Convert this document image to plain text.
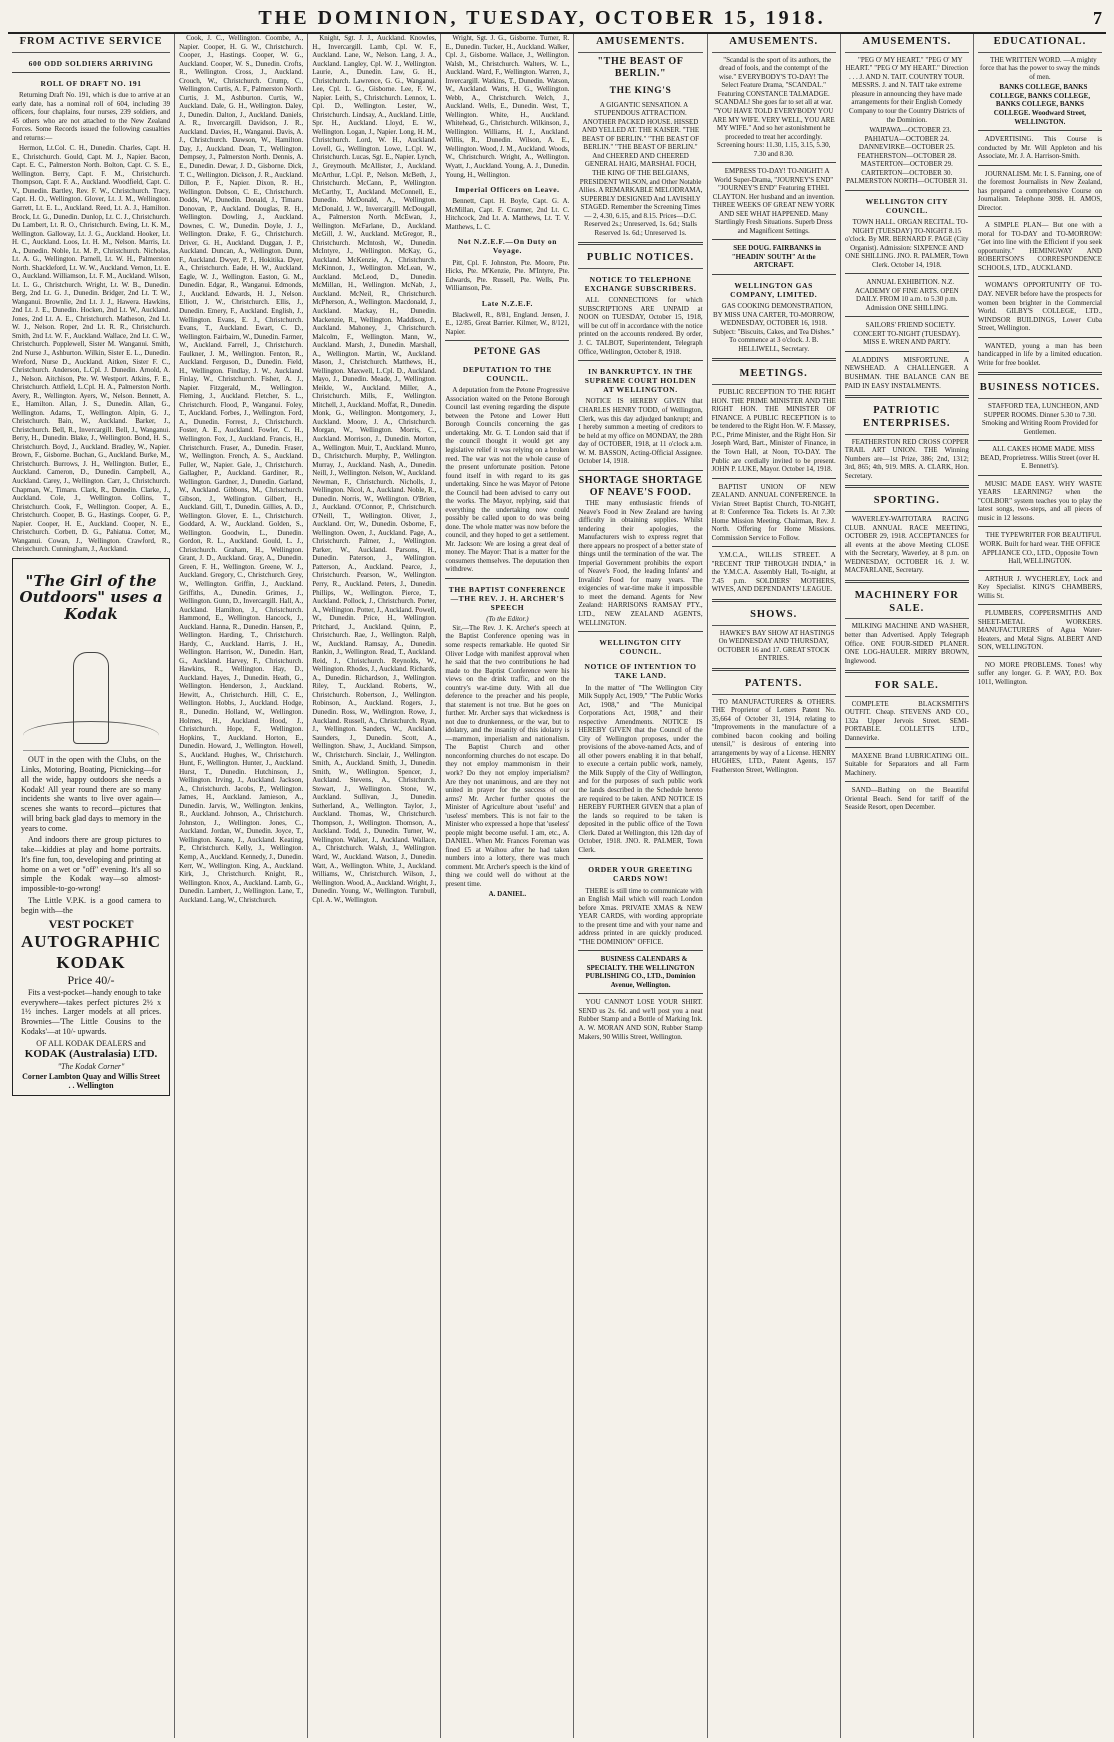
THE DOMINION, TUESDAY, OCTOBER 15, 1918.	7
FROM ACTIVE SERVICE
600 ODD SOLDIERS ARRIVING
ROLL OF DRAFT NO. 191

Returning Draft No. 191, which is due to arrive at an early date, has a nominal roll of 604, including 39 officers, four chaplains, four nurses, 239 soldiers, and 45 others who are not attached to the New Zealand Forces. Some Records issued the following casualties and returns:—

Hermon, Lt.Col. C. H., Dunedin. Charles, Capt. H. E., Christchurch. Gould, Capt. M. J., Napier. Bacon, Capt. E. C., Palmerston North. Bolton, Capt. C. S. E., Wellington. Berry, Capt. F. M., Christchurch. Thompson, Capt. F. A., Auckland. Woodfield, Capt. C. V., Dunedin. Bartley, Rev. F. W., Christchurch. Tracy, Capt. H. O., Wellington. Glover, Lt. J. M., Wellington. Garrett, Lt. E. L., Auckland. Reed, Lt. A. J., Hamilton. Brock, Lt. G., Dunedin. Dunlop, Lt. C. J., Christchurch. Du Lambert, Lt. R. O., Christchurch. Ewing, Lt. K. M., Wellington. Galloway, Lt. J. G., Auckland. Hooker, Lt. H. C., Auckland. Loos, Lt. H. M., Nelson. Marris, Lt. A., Dunedin. Noble, Lt. M. P., Christchurch. Nicholas, Lt. A. G., Wellington. Parnell, Lt. W. H., Palmerston North. Shackleford, Lt. W. W., Auckland. Vernon, Lt. E. O., Auckland. Williamson, Lt. F. M., Auckland. Wilson, Lt. L. G., Christchurch. Wright, Lt. W. B., Dunedin. Berg, 2nd Lt. G. J., Dunedin. Bridger, 2nd Lt. T. W., Wanganui. Brownlie, 2nd Lt. J. J., Hawera. Hawkins, 2nd Lt. J. E., Dunedin. Hocken, 2nd Lt. W., Auckland. Jones, 2nd Lt. A. E., Christchurch. Matheson, 2nd Lt. W. J., Nelson. Roper, 2nd Lt. R. R., Christchurch. Smith, 2nd Lt. W. F., Auckland. Wallace, 2nd Lt. C. W., Christchurch. Popplewell, Sister M. Wanganui. Smith, 2nd Nurse J., Ashburton. Wilkin, Sister E. L., Dunedin. Wreford, Nurse D., Auckland. Aitken, Sister F. C., Christchurch. Anderson, L.Cpl. J. Dunedin. Arnold, A. J., Nelson. Aitchison, Pte. W. Westport. Atkins, F. E., Christchurch. Attfield, L.Cpl. H. A., Palmerston North. Avery, R., Wellington. Ayers, W., Nelson. Bennett, A. E., Hamilton. Allan, J. S., Dunedin. Allan, G., Wellington. Adams, T., Wellington. Alpin, G. J., Christchurch. Bain, W., Auckland. Barker, J., Christchurch. Bell, R., Invercargill. Bell, J., Wanganui. Berry, H., Dunedin. Blake, J., Wellington. Bond, H. S., Christchurch. Boyd, J., Auckland. Bradley, W., Napier. Brown, F., Gisborne. Buchan, G., Auckland. Burke, M., Christchurch. Burrows, J. H., Wellington. Butler, E., Auckland. Cameron, D., Dunedin. Campbell, A., Auckland. Carey, J., Wellington. Carr, J., Christchurch. Chapman, W., Timaru. Clark, R., Dunedin. Clarke, J., Auckland. Cole, J., Wellington. Collins, T., Christchurch. Cook, F., Wellington. Cooper, A. E., Christchurch. Cooper, B. G., Hastings. Cooper, G. P., Napier. Cooper, H. E., Auckland. Cooper, N. E., Christchurch. Corbett, D. G., Pahiatua. Cotter, M., Wanganui. Cowan, J., Wellington. Crawford, R., Christchurch. Cunningham, J., Auckland.

"The Girl of the Outdoors" uses a Kodak

OUT in the open with the Clubs, on the Links, Motoring, Boating, Picnicking—for all the wide, happy outdoors she needs a Kodak! All year round there are so many incidents she wants to live over again—scenes she wants to record—pictures that will bring back glad days to memory in the years to come.

And indoors there are group pictures to take—kiddies at play and home portraits. It's fine fun, too, developing and printing at home on a wet or "off" evening. It's all so simple the Kodak way—so almost-impossible-to-go-wrong!

The Little V.P.K. is a good camera to begin with—the

VEST POCKET
AUTOGRAPHIC KODAK
Price 40/-

Fits a vest-pocket—handy enough to take everywhere—takes perfect pictures 2½ x 1½ inches. Larger models at all prices. Brownies—'The Little Cousins to the Kodaks'—at 10/- upwards.

OF ALL KODAK DEALERS and
KODAK (Australasia) LTD.
"The Kodak Corner"
Corner Lambton Quay and Willis Street . . Wellington

Cook, J. C., Wellington. Coombe, A., Napier. Cooper, H. G. W., Christchurch. Cooper, J., Hastings. Cooper, W. G., Auckland. Cooper, W. S., Dunedin. Crofts, R., Wellington. Cross, J., Auckland. Crouch, W., Christchurch. Crump, C., Wellington. Curtis, A. F., Palmerston North. Curtis, J. M., Ashburton. Curtis, W., Auckland. Dale, G. H., Wellington. Daley, J., Dunedin. Dalton, J., Auckland. Daniels, A. R., Invercargill. Davidson, J. R., Auckland. Davies, H., Wanganui. Davis, A. J., Christchurch. Dawson, W., Hamilton. Day, J., Auckland. Dean, T., Wellington. Dempsey, J., Palmerston North. Dennis, A. E., Dunedin. Dewar, J. D., Gisborne. Dick, T. C., Wellington. Dickson, J. R., Auckland. Dillon, P. F., Napier. Dixon, R. H., Wellington. Dobson, C. E., Christchurch. Dodds, W., Dunedin. Donald, J., Timaru. Donovan, P., Auckland. Douglas, R. H., Wellington. Dowling, J., Auckland. Downes, C. W., Dunedin. Doyle, J. J., Wellington. Drake, F. G., Christchurch. Driver, G. H., Auckland. Duggan, J. P., Auckland. Duncan, A., Wellington. Dunn, F., Auckland. Dwyer, P. J., Hokitika. Dyer, A., Christchurch. Eade, H. W., Auckland. Eagle, W. J., Wellington. Easton, G. M., Dunedin. Edgar, R., Wanganui. Edmonds, J., Auckland. Edwards, H. J., Nelson. Elliott, J. W., Christchurch. Ellis, J., Dunedin. Emery, F., Auckland. English, J., Wellington. Evans, E. J., Christchurch. Evans, T., Auckland. Ewart, C. D., Wellington. Fairbairn, W., Dunedin. Farmer, W., Auckland. Farrell, J., Christchurch. Faulkner, J. M., Wellington. Fenton, R., Auckland. Ferguson, D., Dunedin. Field, H., Wellington. Findlay, J. W., Auckland. Finlay, W., Christchurch. Fisher, A. J., Napier. Fitzgerald, M., Wellington. Fleming, J., Auckland. Fletcher, S. L., Christchurch. Flood, P., Wanganui. Foley, T., Auckland. Forbes, J., Wellington. Ford, A., Dunedin. Forrest, J., Christchurch. Foster, A. E., Auckland. Fowler, C. H., Wellington. Fox, J., Auckland. Francis, H., Christchurch. Fraser, A., Dunedin. Fraser, W., Wellington. French, A. S., Auckland. Fuller, W., Napier. Gale, J., Christchurch. Gallagher, P., Auckland. Gardiner, R., Wellington. Gardner, J., Dunedin. Garland, W., Auckland. Gibbons, M., Christchurch. Gibson, J., Wellington. Gilbert, H., Auckland. Gill, T., Dunedin. Gillies, A. D., Wellington. Glover, E. L., Christchurch. Goddard, A. W., Auckland. Golden, S., Wellington. Goodwin, L., Dunedin. Gordon, R. L., Auckland. Gould, L. J., Christchurch. Graham, H., Wellington. Grant, J. D., Auckland. Gray, A., Dunedin. Green, F. H., Wellington. Greene, W. J., Auckland. Gregory, C., Christchurch. Grey, W., Wellington. Griffin, J., Auckland. Griffiths, A., Dunedin. Grimes, J., Wellington. Gunn, D., Invercargill. Hall, A., Auckland. Hamilton, J., Christchurch. Hammond, E., Wellington. Hancock, J., Auckland. Hanna, R., Dunedin. Hansen, P., Wellington. Harding, T., Christchurch. Hardy, C., Auckland. Harris, J. H., Wellington. Harrison, W., Dunedin. Hart, G., Auckland. Harvey, F., Christchurch. Hawkins, R., Wellington. Hay, D., Auckland. Hayes, J., Dunedin. Heath, G., Wellington. Henderson, J., Auckland. Hewitt, A., Christchurch. Hill, C. E., Wellington. Hobbs, J., Auckland. Hodge, R., Dunedin. Holland, W., Wellington. Holmes, H., Auckland. Hood, J., Christchurch. Hope, F., Wellington. Hopkins, T., Auckland. Horton, E., Dunedin. Howard, J., Wellington. Howell, S., Auckland. Hughes, W., Christchurch. Hunt, F., Wellington. Hunter, J., Auckland. Hurst, T., Dunedin. Hutchinson, J., Wellington. Irving, J., Auckland. Jackson, A., Christchurch. Jacobs, P., Wellington. James, H., Auckland. Jamieson, A., Dunedin. Jarvis, W., Wellington. Jenkins, R., Auckland. Johnson, A., Christchurch. Johnston, J., Wellington. Jones, C., Auckland. Jordan, W., Dunedin. Joyce, T., Wellington. Keane, J., Auckland. Keating, P., Christchurch. Kelly, J., Wellington. Kemp, A., Auckland. Kennedy, J., Dunedin. Kerr, W., Wellington. King, A., Auckland. Kirk, J., Christchurch. Knight, R., Wellington. Knox, A., Auckland. Lamb, G., Dunedin. Lambert, J., Wellington. Lane, T., Auckland. Lang, W., Christchurch.

Knight, Sgt. J. J., Auckland. Knowles, H., Invercargill. Lamb, Cpl. W. F., Auckland. Lane, W., Nelson. Lang, J. A., Auckland. Langley, Cpl. W. J., Wellington. Laurie, A., Dunedin. Law, G. H., Christchurch. Lawrence, G. G., Wanganui. Lee, Cpl. L. G., Gisborne. Lee, F. W., Napier. Leith, S., Christchurch. Lennox, L. Cpl. D., Wellington. Lester, W., Christchurch. Lindsay, A., Auckland. Little, Spr. H., Auckland. Lloyd, E. W., Wellington. Logan, J., Napier. Long, H. M., Christchurch. Lord, W. H., Auckland. Lovell, G., Wellington. Lowe, L.Cpl. W., Christchurch. Lucas, Sgt. E., Napier. Lynch, J., Greymouth. McAllister, J., Auckland. McArthur, L.Cpl. P., Nelson. McBeth, J., Christchurch. McCann, P., Wellington. McCarthy, T., Auckland. McConnell, E., Dunedin. McDonald, A., Wellington. McDonald, J. W., Invercargill. McDougall, A., Palmerston North. McEwan, J., Wellington. McFarlane, D., Auckland. McGill, J. W., Auckland. McGregor, R., Christchurch. McIntosh, W., Dunedin. McIntyre, J., Wellington. McKay, G., Auckland. McKenzie, A., Christchurch. McKinnon, J., Wellington. McLean, W., Auckland. McLeod, D., Dunedin. McMillan, H., Wellington. McNab, J., Auckland. McNeil, R., Christchurch. McPherson, A., Wellington. Macdonald, J., Auckland. Mackay, H., Dunedin. Mackenzie, R., Wellington. Maddison, J., Auckland. Mahoney, J., Christchurch. Malcolm, F., Wellington. Mann, W., Auckland. Marsh, J., Dunedin. Marshall, A., Wellington. Martin, W., Auckland. Mason, J., Christchurch. Matthews, H., Wellington. Maxwell, L.Cpl. D., Auckland. Mayo, J., Dunedin. Meade, J., Wellington. Meikle, W., Auckland. Miller, A., Christchurch. Mills, F., Wellington. Mitchell, J., Auckland. Moffat, R., Dunedin. Monk, G., Wellington. Montgomery, J., Auckland. Moore, J. A., Christchurch. Morgan, W., Wellington. Morris, C., Auckland. Morrison, J., Dunedin. Morton, A., Wellington. Muir, T., Auckland. Munro, D., Christchurch. Murphy, P., Wellington. Murray, J., Auckland. Nash, A., Dunedin. Neill, J., Wellington. Nelson, W., Auckland. Newman, F., Christchurch. Nicholls, J., Wellington. Nicol, A., Auckland. Noble, R., Dunedin. Norris, W., Wellington. O'Brien, J., Auckland. O'Connor, P., Christchurch. O'Neill, T., Wellington. Oliver, J., Auckland. Orr, W., Dunedin. Osborne, F., Wellington. Owen, J., Auckland. Page, A., Christchurch. Palmer, J., Wellington. Parker, W., Auckland. Parsons, H., Dunedin. Paterson, J., Wellington. Patterson, A., Auckland. Pearce, J., Christchurch. Pearson, W., Wellington. Perry, R., Auckland. Peters, J., Dunedin. Phillips, W., Wellington. Pierce, T., Auckland. Pollock, J., Christchurch. Porter, A., Wellington. Potter, J., Auckland. Powell, W., Dunedin. Price, H., Wellington. Pritchard, J., Auckland. Quinn, P., Christchurch. Rae, J., Wellington. Ralph, W., Auckland. Ramsay, A., Dunedin. Rankin, J., Wellington. Read, T., Auckland. Reid, J., Christchurch. Reynolds, W., Wellington. Rhodes, J., Auckland. Richards, A., Dunedin. Richardson, J., Wellington. Riley, T., Auckland. Roberts, W., Christchurch. Robertson, J., Wellington. Robinson, A., Auckland. Rogers, J., Dunedin. Ross, W., Wellington. Rowe, J., Auckland. Russell, A., Christchurch. Ryan, J., Wellington. Sanders, W., Auckland. Saunders, J., Dunedin. Scott, A., Wellington. Shaw, J., Auckland. Simpson, W., Christchurch. Sinclair, J., Wellington. Smith, A., Auckland. Smith, J., Dunedin. Smith, W., Wellington. Spencer, J., Auckland. Stevens, A., Christchurch. Stewart, J., Wellington. Stone, W., Auckland. Sullivan, J., Dunedin. Sutherland, A., Wellington. Taylor, J., Auckland. Thomas, W., Christchurch. Thompson, J., Wellington. Thomson, A., Auckland. Todd, J., Dunedin. Turner, W., Wellington. Walker, J., Auckland. Wallace, A., Christchurch. Walsh, J., Wellington. Ward, W., Auckland. Watson, J., Dunedin. Watt, A., Wellington. White, J., Auckland. Williams, W., Christchurch. Wilson, J., Wellington. Wood, A., Auckland. Wright, J., Dunedin. Young, W., Wellington. Turnbull, Cpl. A. W., Wellington.

Wright, Sgt. J. G., Gisborne. Turner, R. E., Dunedin. Tucker, H., Auckland. Walker, Cpl. J., Gisborne. Wallace, J., Wellington. Walsh, M., Christchurch. Walters, W. L., Auckland. Ward, F., Wellington. Warren, J., Invercargill. Watkins, T., Dunedin. Watson, W., Auckland. Watts, H. G., Wellington. Webb, A., Christchurch. Welch, J., Auckland. Wells, E., Dunedin. West, T., Wellington. White, H., Auckland. Whitehead, G., Christchurch. Wilkinson, J., Wellington. Williams, H. J., Auckland. Willis, R., Dunedin. Wilson, A. E., Wellington. Wood, J. M., Auckland. Woods, W., Christchurch. Wright, A., Wellington. Wyatt, J., Auckland. Young, A. J., Dunedin. Young, H., Wellington.

Imperial Officers on Leave.

Bennett, Capt. H. Boyle, Capt. G. A. McMillan, Capt. F. Cranmer, 2nd Lt. C. Hitchcock, 2nd Lt. A. Matthews, Lt. T. V. Matthews, L. C.

Not N.Z.E.F.—On Duty on Voyage.

Pitt, Cpl. F. Johnston, Pte. Moore, Pte. Hicks, Pte. M'Kenzie, Pte. M'Intyre, Pte. Edwards, Pte. Russell, Pte. Wells, Pte. Williamson, Pte.

Late N.Z.E.F.

Blackwell, R., 8/81, England. Jensen, J. E., 12/85, Great Barrier. Kilmer, W., 8/121, Napier.

PETONE GAS
DEPUTATION TO THE COUNCIL.

A deputation from the Petone Progressive Association waited on the Petone Borough Council last evening regarding the dispute between the Petone and Lower Hutt Borough Councils concerning the gas undertaking. Mr. G. T. London said that if the council thought it would get any legislative relief it was relying on a broken reed. The war was not the whole cause of the present unfortunate position. Petone found itself in with regard to its gas undertaking. Since he was Mayor of Petone the Council had been advised to carry out the works. The Mayor, replying, said that everything the undertaking now could possibly be called upon to do was being done. The whole matter was now before the council, and they hoped to get a settlement. Mr. Jackson: We are losing a great deal of money. The Mayor: That is a matter for the consumers themselves. The deputation then withdrew.

THE BAPTIST CONFERENCE—THE REV. J. H. ARCHER'S SPEECH
(To the Editor.)

Sir,—The Rev. J. K. Archer's speech at the Baptist Conference opening was in some respects remarkable. He quoted Sir Oliver Lodge with manifest approval when he said that the two contributions he had made to the Baptist Conference were his views on the drink traffic, and on the country's war-time duty. With all due deference to the preacher and his people, that statement is not true. But he goes on further. Mr. Archer says that wickedness is not due to drunkenness, or the war, but to idolatry, and the insanity of this idolatry is—mammon, imperialism and nationalism. The Baptist Church and other nonconforming churches do not escape. Do they not employ mammonism in their work? Do they not employ imperialism? Are they not unanimous, and are they not united in prayer for the success of our arms? Mr. Archer further quotes the Minister of Agriculture about 'useful' and 'useless' members. This is not fair to the Minister who expressed a hope that 'useless' people might become useful. I am, etc., A. DANIEL. When Mr. Frances Foreman was fined £5 at Waihou after he had taken numbers into a lottery, there was much comment. Mr. Archer's speech is the kind of thing we could well do without at the present time.

A. DANIEL.
AMUSEMENTS.
"THE BEAST OF BERLIN."
THE KING'S

A GIGANTIC SENSATION. A STUPENDOUS ATTRACTION. ANOTHER PACKED HOUSE. HISSED AND YELLED AT. THE KAISER. "THE BEAST OF BERLIN." "THE BEAST OF BERLIN." "THE BEAST OF BERLIN." And CHEERED AND CHEERED GENERAL HAIG, MARSHAL FOCH, THE KING OF THE BELGIANS, PRESIDENT WILSON, and Other Notable Allies. A REMARKABLE MELODRAMA, SUPERBLY DESIGNED And LAVISHLY STAGED. Remember the Screening Times— 2, 4.30, 6.15, and 8.15. Prices—D.C. Reserved 2s.; Unreserved, 1s. 6d.; Stalls Reserved 1s. 6d.; Unreserved 1s.

PUBLIC NOTICES.
NOTICE TO TELEPHONE EXCHANGE SUBSCRIBERS.

ALL CONNECTIONS for which SUBSCRIPTIONS ARE UNPAID at NOON on TUESDAY, October 15, 1918, will be cut off in accordance with the notice printed on the accounts rendered. By order, J. C. TALBOT, Superintendent, Telegraph Office, Wellington, October 8, 1918.

IN BANKRUPTCY. IN THE SUPREME COURT HOLDEN AT WELLINGTON.

NOTICE IS HEREBY GIVEN that CHARLES HENRY TODD, of Wellington, Clerk, was this day adjudged bankrupt; and I hereby summon a meeting of creditors to be held at my office on MONDAY, the 28th day of OCTOBER, 1918, at 11 o'clock a.m. W. M. BASSON, Acting-Official Assignee. October 14, 1918.

SHORTAGE SHORTAGE OF NEAVE'S FOOD.

THE many enthusiastic friends of Neave's Food in New Zealand are having difficulty in obtaining supplies. Whilst tendering their apologies, the Manufacturers wish to express regret that there appears no prospect of a better state of things until the termination of the war. The Imperial Government prohibits the export of Neave's Food, the leading Infants' and Invalids' Food for many years. The exigencies of war-time make it impossible to meet the demand. Agents for New Zealand: HARRISONS RAMSAY PTY., LTD., NEW ZEALAND AGENTS, WELLINGTON.

WELLINGTON CITY COUNCIL.
NOTICE OF INTENTION TO TAKE LAND.

In the matter of "The Wellington City Milk Supply Act, 1909," "The Public Works Act, 1908," and "The Municipal Corporations Act, 1908," and their respective Amendments. NOTICE IS HEREBY GIVEN that the Council of the City of Wellington proposes, under the provisions of the above-named Acts, and of all other powers enabling it in that behalf, to execute a certain public work, namely, the Milk Supply of the City of Wellington, and for the purposes of such public work the lands described in the Schedule hereto are required to be taken. AND NOTICE IS HEREBY FURTHER GIVEN that a plan of the lands so required to be taken is deposited in the public office of the Town Clerk. Dated at Wellington, this 12th day of October, 1918. JNO. R. PALMER, Town Clerk.

ORDER YOUR GREETING CARDS NOW!

THERE is still time to communicate with an English Mail which will reach London before Xmas. PRIVATE XMAS & NEW YEAR CARDS, with wording appropriate to the present time and with your name and address printed in are quickly produced. "THE DOMINION" OFFICE.

BUSINESS CALENDARS & SPECIALTY. THE WELLINGTON PUBLISHING CO., LTD., Dominion Avenue, Wellington.

YOU CANNOT LOSE YOUR SHIRT. SEND us 2s. 6d. and we'll post you a neat Rubber Stamp and a Bottle of Marking Ink. A. W. MORAN AND SON, Rubber Stamp Makers, 90 Willis Street, Wellington.

AMUSEMENTS.

"Scandal is the sport of its authors, the dread of fools, and the contempt of the wise." EVERYBODY'S TO-DAY! The Select Feature Drama, "SCANDAL." Featuring CONSTANCE TALMADGE. SCANDAL! She goes far to set all at war. "YOU HAVE TOLD EVERYBODY YOU ARE MY WIFE. VERY WELL, YOU ARE MY WIFE." And so her astonishment he proceeded to treat her accordingly. Screening hours: 11.30, 1.15, 3.15, 5.30, 7.30 and 8.30.

EMPRESS TO-DAY! TO-NIGHT! A World Super-Drama, "JOURNEY'S END" "JOURNEY'S END" Featuring ETHEL CLAYTON. Her husband and an invention. THREE WEEKS OF GREAT NEW YORK AND SEE WHAT HAPPENED. Many Startlingly Fresh Situations. Superb Dress and Magnificent Settings.

SEE DOUG. FAIRBANKS in "HEADIN' SOUTH" At the ARTCRAFT.

WELLINGTON GAS COMPANY, LIMITED.

GAS COOKING DEMONSTRATION, BY MISS UNA CARTER, TO-MORROW, WEDNESDAY, OCTOBER 16, 1918. Subject: "Biscuits, Cakes, and Tea Dishes." To commence at 3 o'clock. J. B. HELLIWELL, Secretary.

MEETINGS.

PUBLIC RECEPTION TO THE RIGHT HON. THE PRIME MINISTER AND THE RIGHT HON. THE MINISTER OF FINANCE. A PUBLIC RECEPTION is to be tendered to the Right Hon. W. F. Massey, P.C., Prime Minister, and the Right Hon. Sir Joseph Ward, Bart., Minister of Finance, in the Town Hall, at Noon, TO-DAY. The Public are cordially invited to be present. JOHN P. LUKE, Mayor. October 14, 1918.

BAPTIST UNION OF NEW ZEALAND. ANNUAL CONFERENCE. In Vivian Street Baptist Church, TO-NIGHT, at 8: Conference Tea. Tickets 1s. At 7.30: Home Mission Meeting. Chairman, Rev. J. North. Offering for Home Missions. Commission Service to Follow.

Y.M.C.A., WILLIS STREET. A "RECENT TRIP THROUGH INDIA," in the Y.M.C.A. Assembly Hall, To-night, at 7.45 p.m. SOLDIERS' MOTHERS, WIVES, AND DEPENDANTS' LEAGUE.

SHOWS.

HAWKE'S BAY SHOW AT HASTINGS On WEDNESDAY AND THURSDAY, OCTOBER 16 and 17. GREAT STOCK ENTRIES.

PATENTS.

TO MANUFACTURERS & OTHERS. THE Proprietor of Letters Patent No. 35,664 of October 31, 1914, relating to "Improvements in the manufacture of a combined bacon cooking and boiling utensil," is desirous of entering into arrangements by way of a License. HENRY HUGHES, LTD., Patent Agents, 157 Featherston Street, Wellington.

AMUSEMENTS.

"PEG O' MY HEART." "PEG O' MY HEART." "PEG O' MY HEART." Direction . . . J. AND N. TAIT. COUNTRY TOUR. MESSRS. J. and N. TAIT take extreme pleasure in announcing they have made arrangements for their English Comedy Company to tour the Country Districts of the Dominion.

WAIPAWA—OCTOBER 23. PAHIATUA—OCTOBER 24. DANNEVIRKE—OCTOBER 25. FEATHERSTON—OCTOBER 28. MASTERTON—OCTOBER 29. CARTERTON—OCTOBER 30. PALMERSTON NORTH—OCTOBER 31.

WELLINGTON CITY COUNCIL.

TOWN HALL. ORGAN RECITAL. TO-NIGHT (TUESDAY) TO-NIGHT 8.15 o'clock. By MR. BERNARD F. PAGE (City Organist). Admission: SIXPENCE AND ONE SHILLING. JNO. R. PALMER, Town Clerk. October 14, 1918.

ANNUAL EXHIBITION. N.Z. ACADEMY OF FINE ARTS. OPEN DAILY. FROM 10 a.m. to 5.30 p.m. Admission ONE SHILLING.

SAILORS' FRIEND SOCIETY. CONCERT TO-NIGHT (TUESDAY). MISS E. WREN AND PARTY.

ALADDIN'S MISFORTUNE. A NEWSHEAD. A CHALLENGER. A BUSHMAN. THE BALANCE CAN BE PAID IN EASY INSTALMENTS.

PATRIOTIC ENTERPRISES.

FEATHERSTON RED CROSS COPPER TRAIL ART UNION. THE Winning Numbers are—1st Prize, 386; 2nd, 1312; 3rd, 865; 4th, 919. MRS. A. CLARK, Hon. Secretary.

SPORTING.

WAVERLEY-WAITOTARA RACING CLUB. ANNUAL RACE MEETING, OCTOBER 29, 1918. ACCEPTANCES for all events at the above Meeting CLOSE with the Secretary, Waverley, at 8 p.m. on WEDNESDAY, OCTOBER 16. J. W. MACFARLANE, Secretary.

MACHINERY FOR SALE.

MILKING MACHINE AND WASHER, better than Advertised. Apply Telegraph Office. ONE FOUR-SIDED PLANER. ONE LOG-HAULER. MIRRY BROWN, Inglewood.

FOR SALE.

COMPLETE BLACKSMITH'S OUTFIT. Cheap. STEVENS AND CO., 132a Upper Jervois Street. SEMI-PORTABLE. COLLETTS LTD., Dannevirke.

MAXENE Brand LUBRICATING OIL. Suitable for Separators and all Farm Machinery.

SAND—Bathing on the Beautiful Oriental Beach. Send for tariff of the Seaside Resort, open December.

EDUCATIONAL.

THE WRITTEN WORD. —A mighty force that has the power to sway the minds of men.

BANKS COLLEGE, BANKS COLLEGE, BANKS COLLEGE, BANKS COLLEGE, BANKS COLLEGE. Woodward Street, WELLINGTON.

ADVERTISING. This Course is conducted by Mr. Will Appleton and his Associate, Mr. J. A. Harrison-Smith.

JOURNALISM. Mr. I. S. Fanning, one of the foremost Journalists in New Zealand, has prepared a comprehensive Course on Journalism. Telephone 3098. H. AMOS, Director.

A SIMPLE PLAN— But one with a moral for TO-DAY and TO-MORROW: "Get into line with the Efficient if you seek opportunity." HEMINGWAY AND ROBERTSON'S CORRESPONDENCE SCHOOLS, LTD., AUCKLAND.

WOMAN'S OPPORTUNITY OF TO-DAY. NEVER before have the prospects for women been brighter in the Commercial World. GILBY'S COLLEGE, LTD., WINDSOR BUILDINGS, Lower Cuba Street, Wellington.

WANTED, young a man has been handicapped in life by a limited education. Write for free booklet.

BUSINESS NOTICES.

STAFFORD TEA, LUNCHEON, AND SUPPER ROOMS. Dinner 5.30 to 7.30. Smoking and Writing Room Provided for Gentlemen.

ALL CAKES HOME MADE. MISS BEAD, Proprietress. Willis Street (over H. E. Bennett's).

MUSIC MADE EASY. WHY WASTE YEARS LEARNING? when the "COLBOR" system teaches you to play the latest songs, two-steps, and all pieces of music in 12 lessons.

THE TYPEWRITER FOR BEAUTIFUL WORK. Built for hard wear. THE OFFICE APPLIANCE CO., LTD., Opposite Town Hall, WELLINGTON.

ARTHUR J. WYCHERLEY, Lock and Key Specialist. KING'S CHAMBERS, Willis St.

PLUMBERS, COPPERSMITHS AND SHEET-METAL WORKERS. MANUFACTURERS of Agua Water-Heaters, and Metal Signs. ALBERT AND SON, WELLINGTON.

NO MORE PROBLEMS. Tones! why suffer any longer. G. P. WAY, P.O. Box 1011, Wellington.
